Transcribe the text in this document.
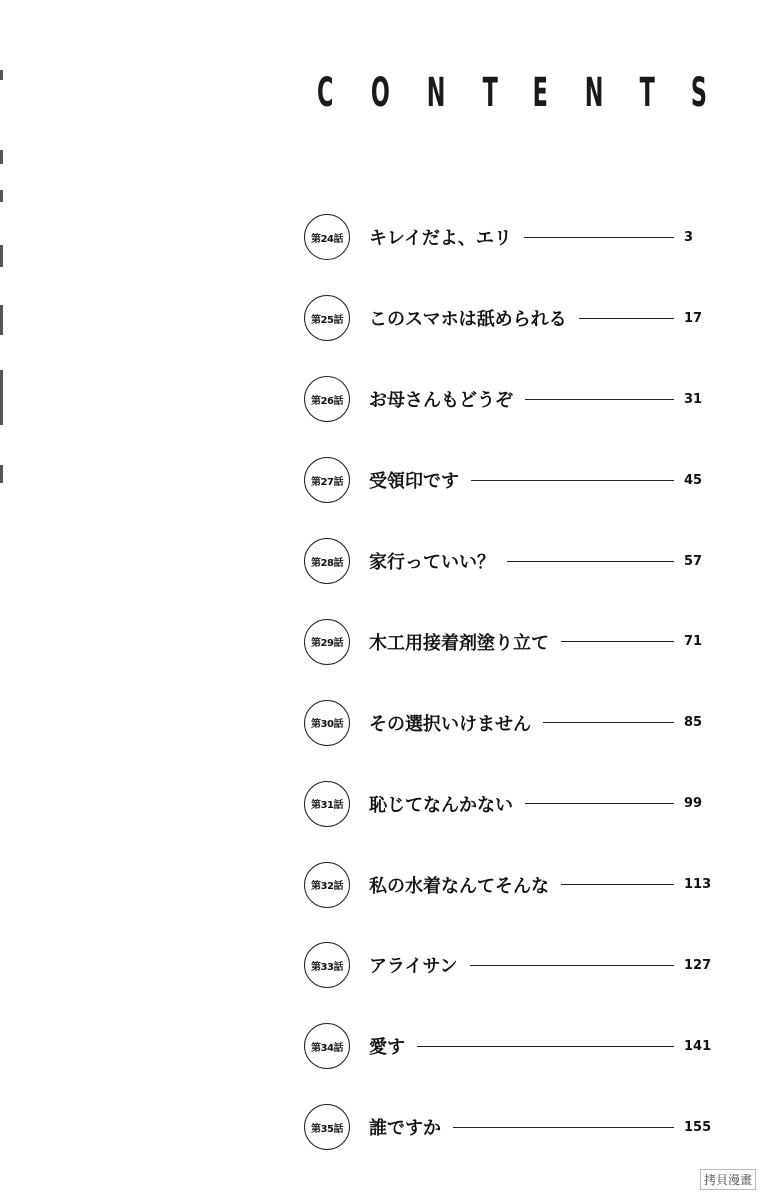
C O N T E N T S
第24話	キレイだよ、エリ	3
第25話	このスマホは舐められる	17
第26話	お母さんもどうぞ	31
第27話	受領印です	45
第28話	家行っていい？	57
第29話	木工用接着剤塗り立て	71
第30話	その選択いけません	85
第31話	恥じてなんかない	99
第32話	私の水着なんてそんな	113
第33話	アライサン	127
第34話	愛す	141
第35話	誰ですか	155
拷貝漫畫
